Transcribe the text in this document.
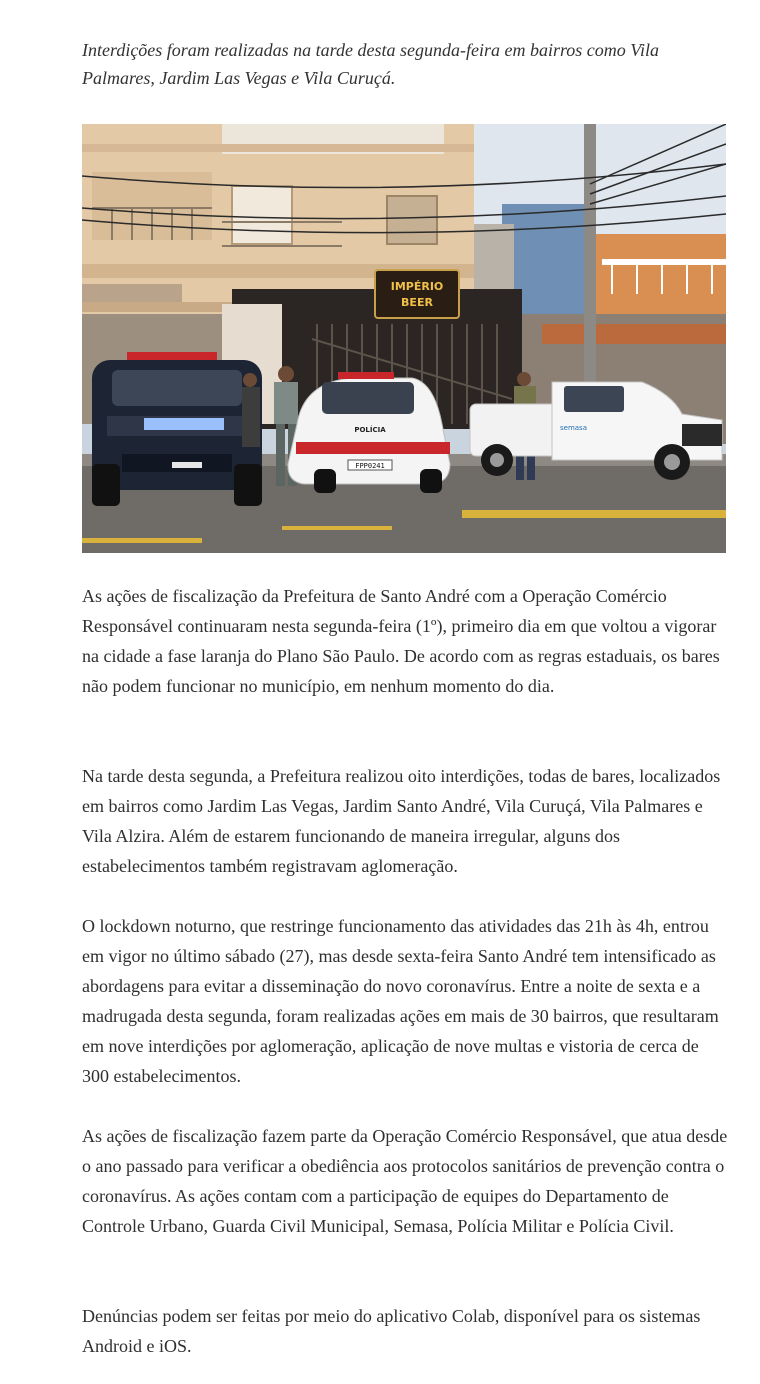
Interdições foram realizadas na tarde desta segunda-feira em bairros como Vila Palmares, Jardim Las Vegas e Vila Curuçá.

IMPÉRIO
BEER
POLÍCIA
FPP0241
semasa

As ações de fiscalização da Prefeitura de Santo André com a Operação Comércio Responsável continuaram nesta segunda-feira (1º), primeiro dia em que voltou a vigorar na cidade a fase laranja do Plano São Paulo. De acordo com as regras estaduais, os bares não podem funcionar no município, em nenhum momento do dia.

Na tarde desta segunda, a Prefeitura realizou oito interdições, todas de bares, localizados em bairros como Jardim Las Vegas, Jardim Santo André, Vila Curuçá, Vila Palmares e Vila Alzira. Além de estarem funcionando de maneira irregular, alguns dos estabelecimentos também registravam aglomeração.

O lockdown noturno, que restringe funcionamento das atividades das 21h às 4h, entrou em vigor no último sábado (27), mas desde sexta-feira Santo André tem intensificado as abordagens para evitar a disseminação do novo coronavírus. Entre a noite de sexta e a madrugada desta segunda, foram realizadas ações em mais de 30 bairros, que resultaram em nove interdições por aglomeração, aplicação de nove multas e vistoria de cerca de 300 estabelecimentos.

As ações de fiscalização fazem parte da Operação Comércio Responsável, que atua desde o ano passado para verificar a obediência aos protocolos sanitários de prevenção contra o coronavírus. As ações contam com a participação de equipes do Departamento de Controle Urbano, Guarda Civil Municipal, Semasa, Polícia Militar e Polícia Civil.

Denúncias podem ser feitas por meio do aplicativo Colab, disponível para os sistemas Android e iOS.
